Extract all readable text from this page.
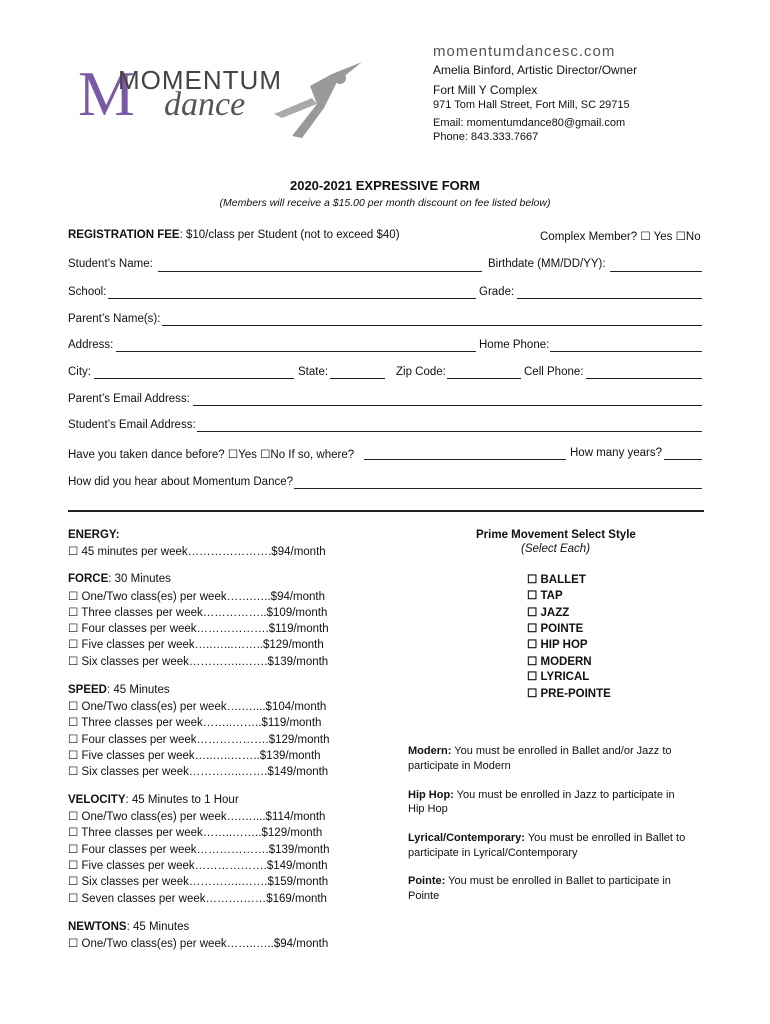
M
MOMENTUM
dance
momentumdancesc.com
Amelia Binford, Artistic Director/Owner
Fort Mill Y Complex
971 Tom Hall Street, Fort Mill, SC 29715
Email: momentumdance80@gmail.com
Phone: 843.333.7667
2020-2021 EXPRESSIVE FORM
(Members will receive a $15.00 per month discount on fee listed below)
REGISTRATION FEE: $10/class per Student (not to exceed $40)	Complex Member? ☐ Yes ☐No
Student’s Name:	Birthdate (MM/DD/YY):
School:	Grade:
Parent’s Name(s):
Address:	Home Phone:
City:	State:	Zip Code:	Cell Phone:
Parent’s Email Address:
Student’s Email Address:
Have you taken dance before? ☐Yes ☐No If so, where?	How many years?
How did you hear about Momentum Dance?
ENERGY:
☐ 45 minutes per week………………….$94/month
FORCE: 30 Minutes
☐ One/Two class(es) per week…….…..$94/month
☐ Three classes per week……………..$109/month
☐ Four classes per week……………….$119/month
☐ Five classes per week…..…...……..$129/month
☐ Six classes per week…………..…….$139/month
SPEED: 45 Minutes
☐ One/Two class(es) per week….…....$104/month
☐ Three classes per week……..……..$119/month
☐ Four classes per week……………….$129/month
☐ Five classes per week…..…..……..$139/month
☐ Six classes per week…………..…….$149/month
VELOCITY: 45 Minutes to 1 Hour
☐ One/Two class(es) per week….…....$114/month
☐ Three classes per week……..……..$129/month
☐ Four classes per week……………….$139/month
☐ Five classes per week……………….$149/month
☐ Six classes per week…………..…….$159/month
☐ Seven classes per week……….……$169/month
NEWTONS: 45 Minutes
☐ One/Two class(es) per week……..…..$94/month
Prime Movement Select Style
(Select Each)
☐ BALLET
☐ TAP
☐ JAZZ
☐ POINTE
☐ HIP HOP
☐ MODERN
☐ LYRICAL
☐ PRE-POINTE
Modern: You must be enrolled in Ballet and/or Jazz to
participate in Modern
Hip Hop: You must be enrolled in Jazz to participate in
Hip Hop
Lyrical/Contemporary: You must be enrolled in Ballet to
participate in Lyrical/Contemporary
Pointe: You must be enrolled in Ballet to participate in
Pointe
